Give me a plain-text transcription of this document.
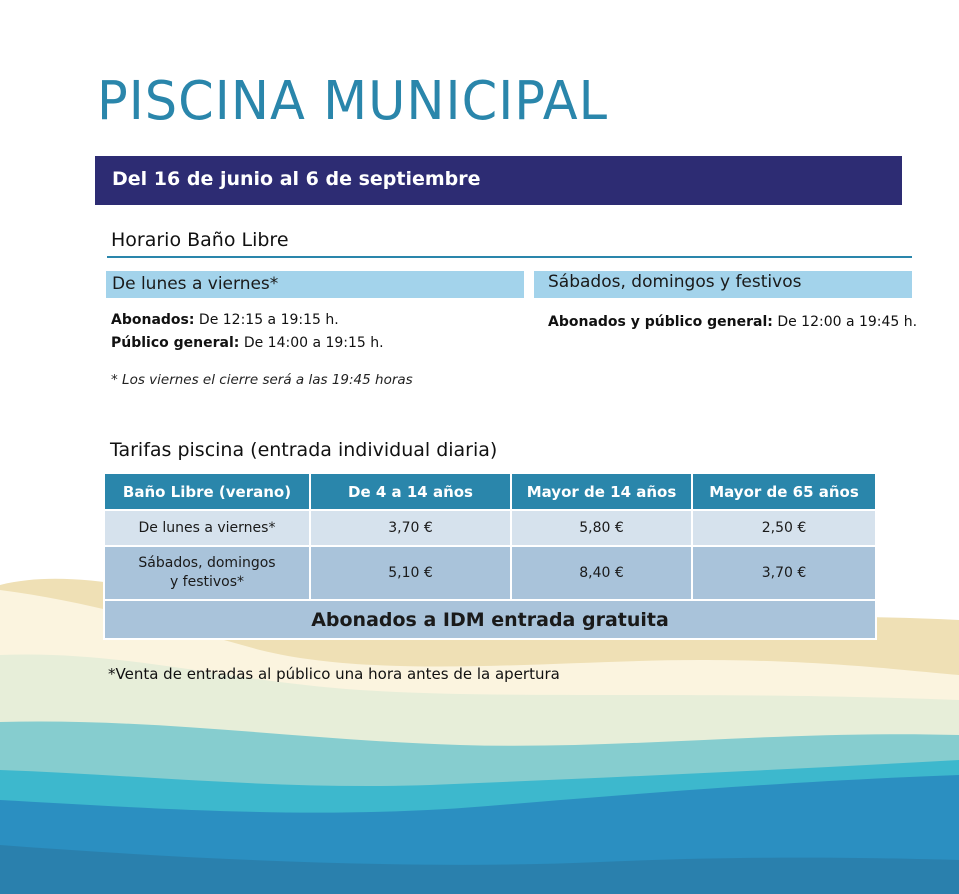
PISCINA MUNICIPAL
Del 16 de junio al 6 de septiembre
Horario Baño Libre
De lunes a viernes*	Sábados, domingos y festivos
Abonados: De 12:15 a 19:15 h.
Público general: De 14:00 a 19:15 h.
Abonados y público general: De 12:00 a 19:45 h.
* Los viernes el cierre será a las 19:45 horas
Tarifas piscina (entrada individual diaria)
Baño Libre (verano)	De 4 a 14 años	Mayor de 14 años	Mayor de 65 años
De lunes a viernes*	3,70 €	5,80 €	2,50 €
Sábados, domingos
y festivos*	5,10 €	8,40 €	3,70 €
Abonados a IDM entrada gratuita			
*Venta de entradas al público una hora antes de la apertura
